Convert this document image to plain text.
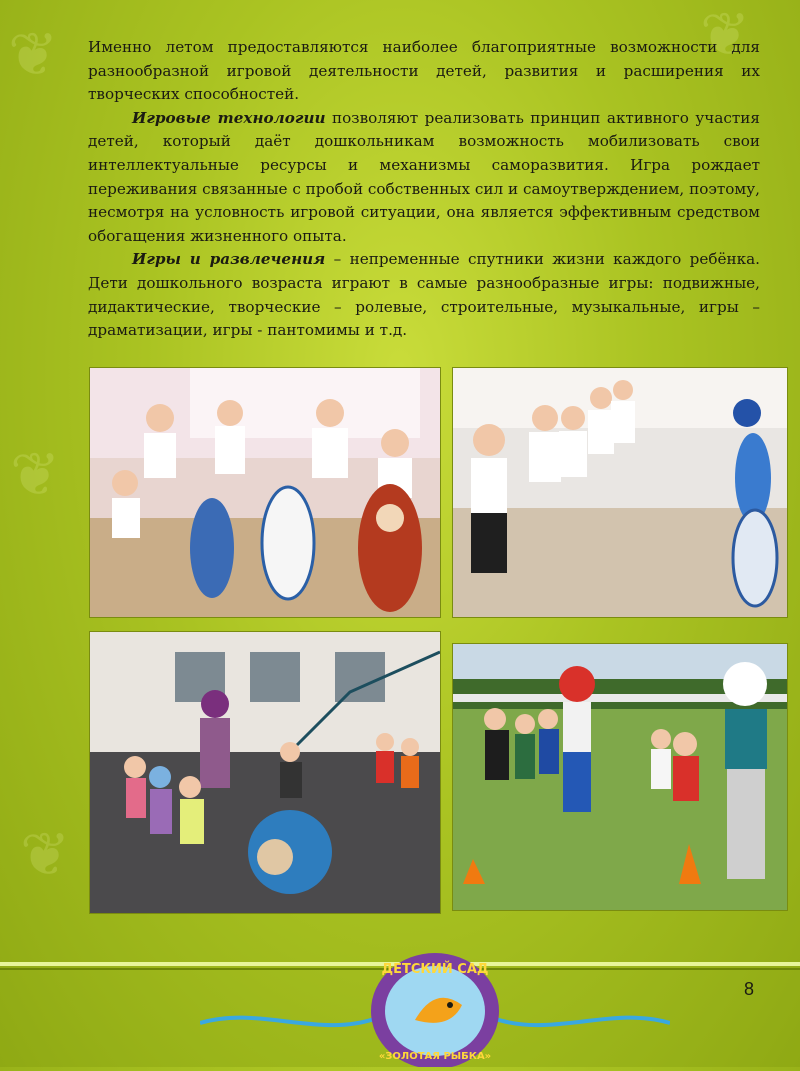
❦	❦
❦
❦

Именно летом предоставляются наиболее благоприятные возможности для разнообразной игровой деятельности детей, развития и расширения их творческих способностей.

Игровые технологии позволяют реализовать принцип активного участия детей, который даёт дошкольникам возможность мобилизовать свои интеллектуальные ресурсы и механизмы саморазвития. Игра рождает переживания связанные с пробой собственных сил и самоутверждением, поэтому, несмотря на условность игровой ситуации, она является эффективным средством обогащения жизненного опыта.

Игры и развлечения – непременные спутники жизни каждого ребёнка. Дети дошкольного возраста играют в самые разнообразные игры: подвижные, дидактические, творческие – ролевые, строительные, музыкальные, игры – драматизации, игры - пантомимы и т.д.

8
ДЕТСКИЙ САД
«ЗОЛОТАЯ РЫБКА»
